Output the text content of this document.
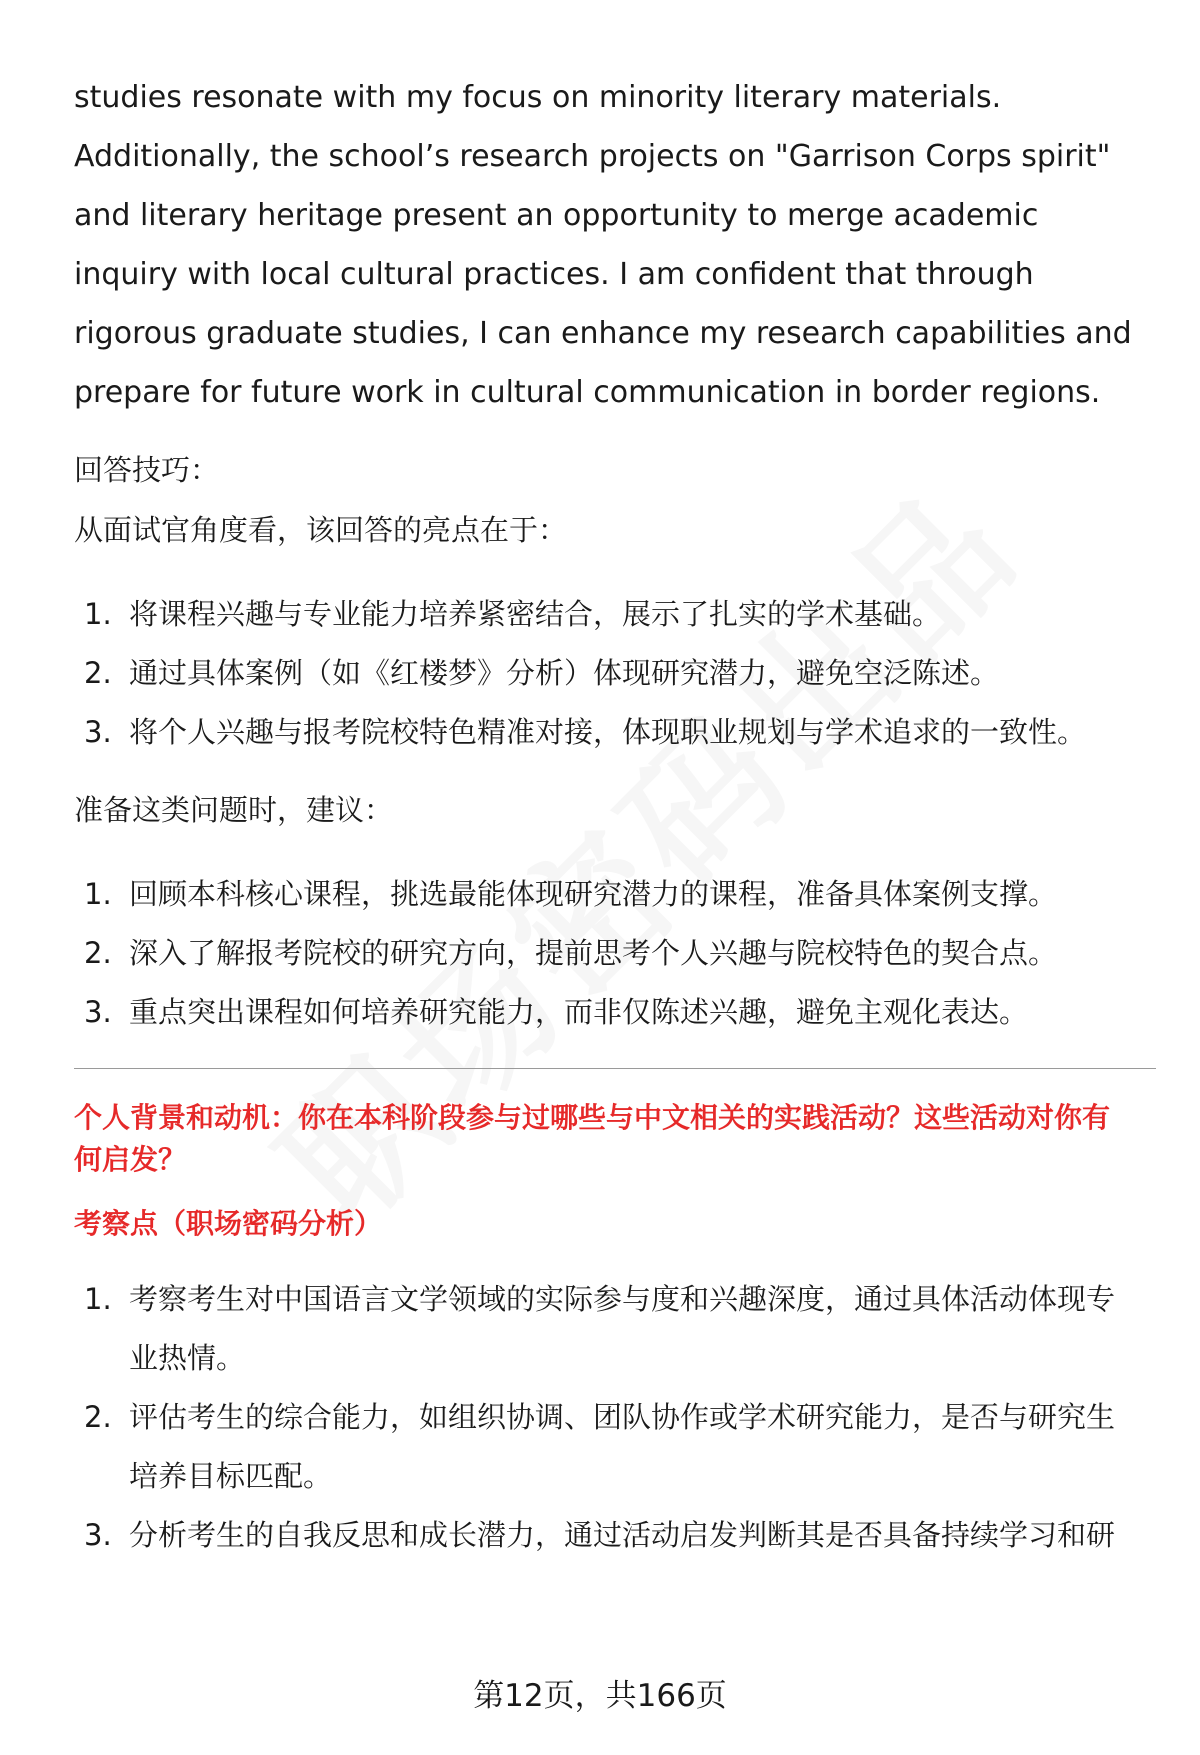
studies resonate with my focus on minority literary materials. Additionally, the school’s research projects on "Garrison Corps spirit" and literary heritage present an opportunity to merge academic inquiry with local cultural practices. I am confident that through rigorous graduate studies, I can enhance my research capabilities and prepare for future work in cultural communication in border regions.

回答技巧：

从面试官角度看，该回答的亮点在于：

1. 将课程兴趣与专业能力培养紧密结合，展示了扎实的学术基础。
2. 通过具体案例（如《红楼梦》分析）体现研究潜力，避免空泛陈述。
3. 将个人兴趣与报考院校特色精准对接，体现职业规划与学术追求的一致性。

准备这类问题时，建议：

1. 回顾本科核心课程，挑选最能体现研究潜力的课程，准备具体案例支撑。
2. 深入了解报考院校的研究方向，提前思考个人兴趣与院校特色的契合点。
3. 重点突出课程如何培养研究能力，而非仅陈述兴趣，避免主观化表达。

个人背景和动机：你在本科阶段参与过哪些与中文相关的实践活动？这些活动对你有何启发？

考察点（职场密码分析）

1. 考察考生对中国语言文学领域的实际参与度和兴趣深度，通过具体活动体现专业热情。
2. 评估考生的综合能力，如组织协调、团队协作或学术研究能力，是否与研究生培养目标匹配。
3. 分析考生的自我反思和成长潜力，通过活动启发判断其是否具备持续学习和研
第12页，共166页
